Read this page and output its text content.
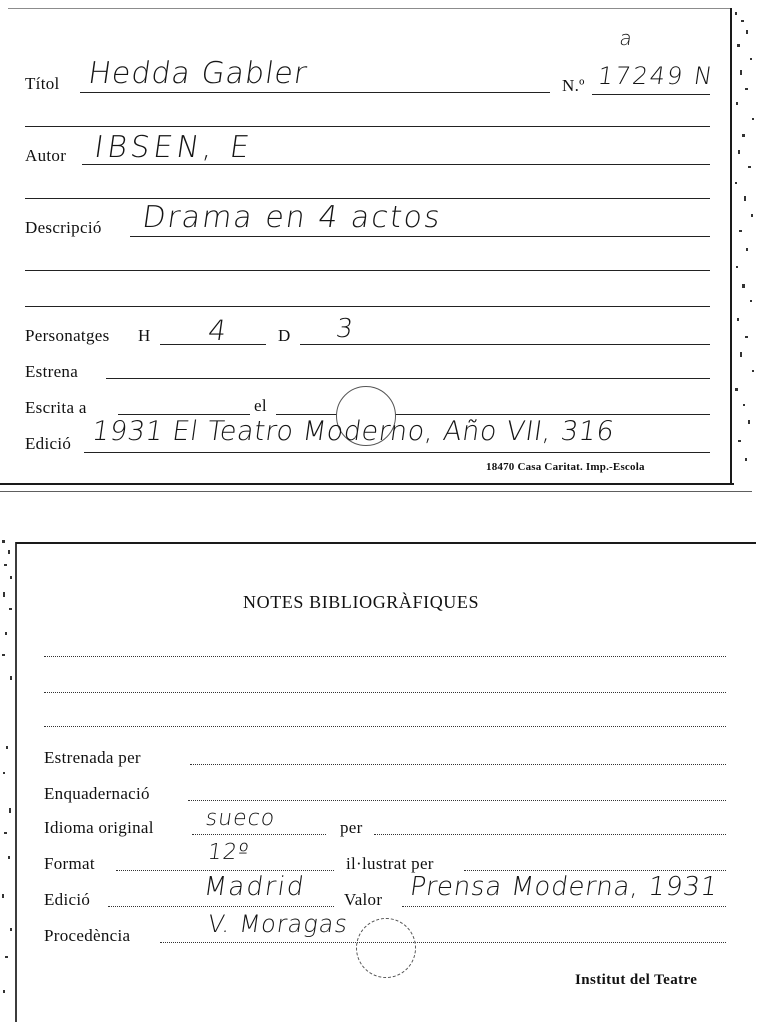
Títol Hedda Gabler
a
N.º 17249 N
Autor IBSEN, E
Descripció Drama en 4 actos
Personatges H 4	D 3
Estrena
Escrita a	el
Edició 1931 El Teatro Moderno, Año VII, 316
18470 Casa Caritat. Imp.-Escola
NOTES BIBLIOGRÀFIQUES
Estrenada per
Enquadernació
Idioma original sueco	per
Format	12º	il·lustrat per
Edició	Madrid Valor Prensa Moderna, 1931
Procedència	V. Moragas
Institut del Teatre
